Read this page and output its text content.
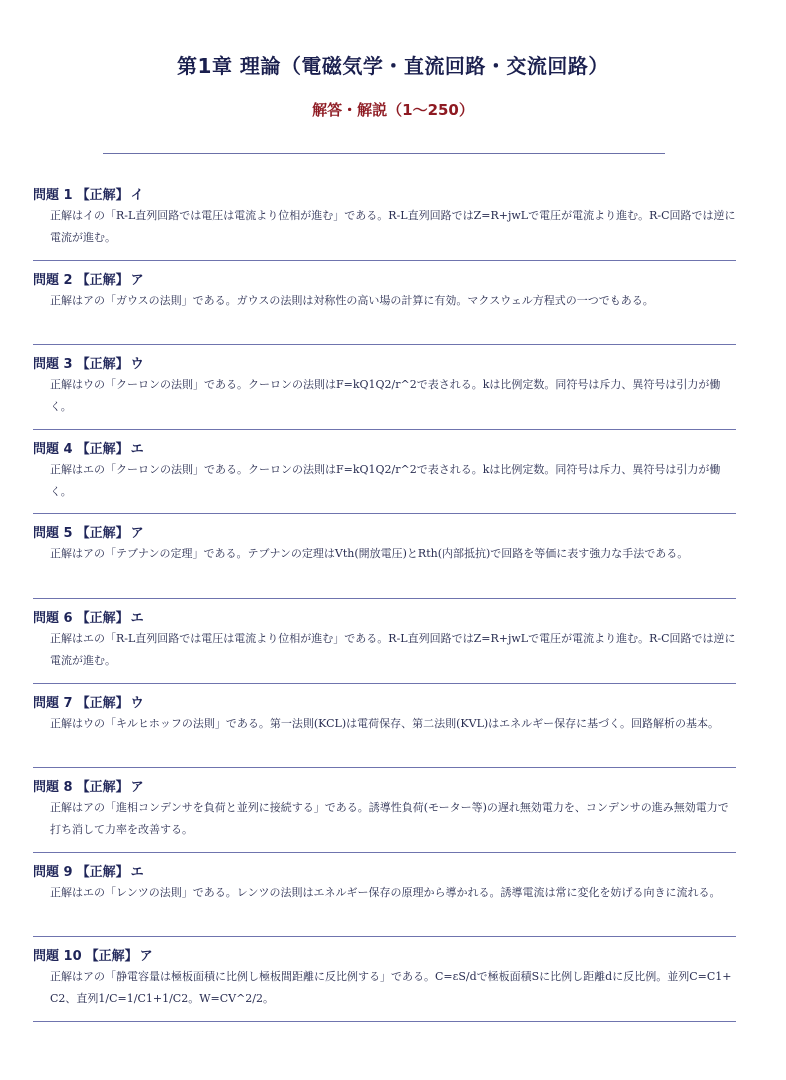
第1章 理論（電磁気学・直流回路・交流回路）
解答・解説（1〜250）
問題 1 【正解】 イ
正解はイの「R-L直列回路では電圧は電流より位相が進む」である。R-L直列回路ではZ=R+jwLで電圧が電流より進む。R-C回路では逆に電流が進む。
問題 2 【正解】 ア
正解はアの「ガウスの法則」である。ガウスの法則は対称性の高い場の計算に有効。マクスウェル方程式の一つでもある。
問題 3 【正解】 ウ
正解はウの「クーロンの法則」である。クーロンの法則はF=kQ1Q2/r^2で表される。kは比例定数。同符号は斥力、異符号は引力が働く。
問題 4 【正解】 エ
正解はエの「クーロンの法則」である。クーロンの法則はF=kQ1Q2/r^2で表される。kは比例定数。同符号は斥力、異符号は引力が働く。
問題 5 【正解】 ア
正解はアの「テブナンの定理」である。テブナンの定理はVth(開放電圧)とRth(内部抵抗)で回路を等価に表す強力な手法である。
問題 6 【正解】 エ
正解はエの「R-L直列回路では電圧は電流より位相が進む」である。R-L直列回路ではZ=R+jwLで電圧が電流より進む。R-C回路では逆に電流が進む。
問題 7 【正解】 ウ
正解はウの「キルヒホッフの法則」である。第一法則(KCL)は電荷保存、第二法則(KVL)はエネルギー保存に基づく。回路解析の基本。
問題 8 【正解】 ア
正解はアの「進相コンデンサを負荷と並列に接続する」である。誘導性負荷(モーター等)の遅れ無効電力を、コンデンサの進み無効電力で打ち消して力率を改善する。
問題 9 【正解】 エ
正解はエの「レンツの法則」である。レンツの法則はエネルギー保存の原理から導かれる。誘導電流は常に変化を妨げる向きに流れる。
問題 10 【正解】 ア
正解はアの「静電容量は極板面積に比例し極板間距離に反比例する」である。C=εS/dで極板面積Sに比例し距離dに反比例。並列C=C1+C2、直列1/C=1/C1+1/C2。W=CV^2/2。
